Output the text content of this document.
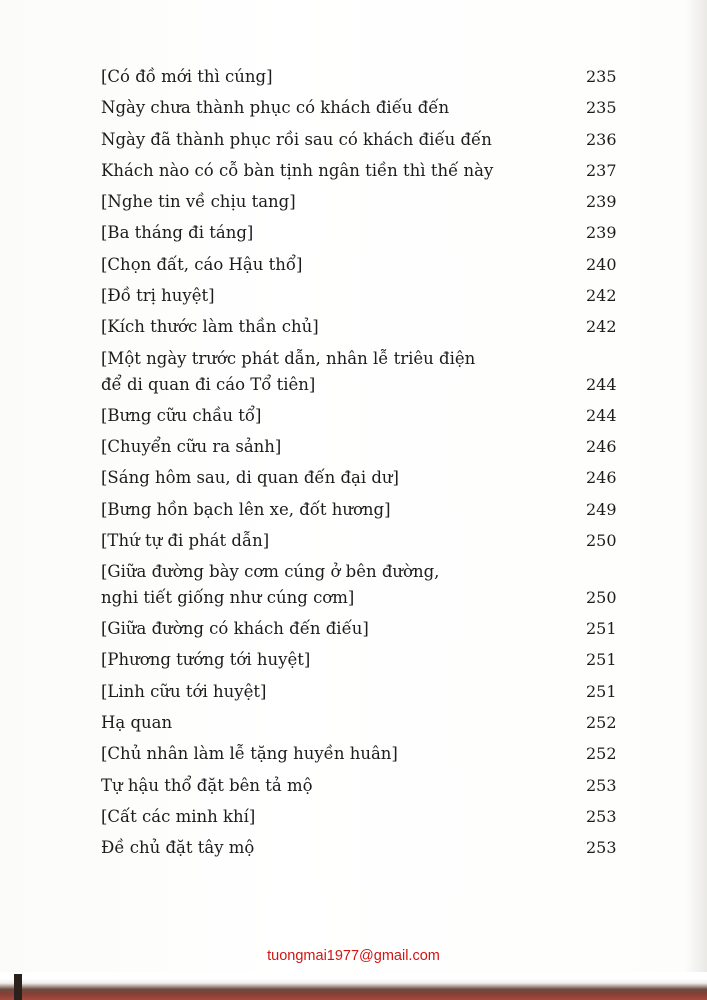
[Có đồ mới thì cúng]	235
Ngày chưa thành phục có khách điếu đến	235
Ngày đã thành phục rồi sau có khách điếu đến	236
Khách nào có cỗ bàn tịnh ngân tiền thì thế này	237
[Nghe tin về chịu tang]	239
[Ba tháng đi táng]	239
[Chọn đất, cáo Hậu thổ]	240
[Đồ trị huyệt]	242
[Kích thước làm thần chủ]	242
[Một ngày trước phát dẫn, nhân lễ triêu điện
để di quan đi cáo Tổ tiên]	244
[Bưng cữu chầu tổ]	244
[Chuyển cữu ra sảnh]	246
[Sáng hôm sau, di quan đến đại dư]	246
[Bưng hồn bạch lên xe, đốt hương]	249
[Thứ tự đi phát dẫn]	250
[Giữa đường bày cơm cúng ở bên đường,
nghi tiết giống như cúng cơm]	250
[Giữa đường có khách đến điếu]	251
[Phương tướng tới huyệt]	251
[Linh cữu tới huyệt]	251
Hạ quan	252
[Chủ nhân làm lễ tặng huyền huân]	252
Tự hậu thổ đặt bên tả mộ	253
[Cất các minh khí]	253
Đề chủ đặt tây mộ	253
tuongmai1977@gmail.com
